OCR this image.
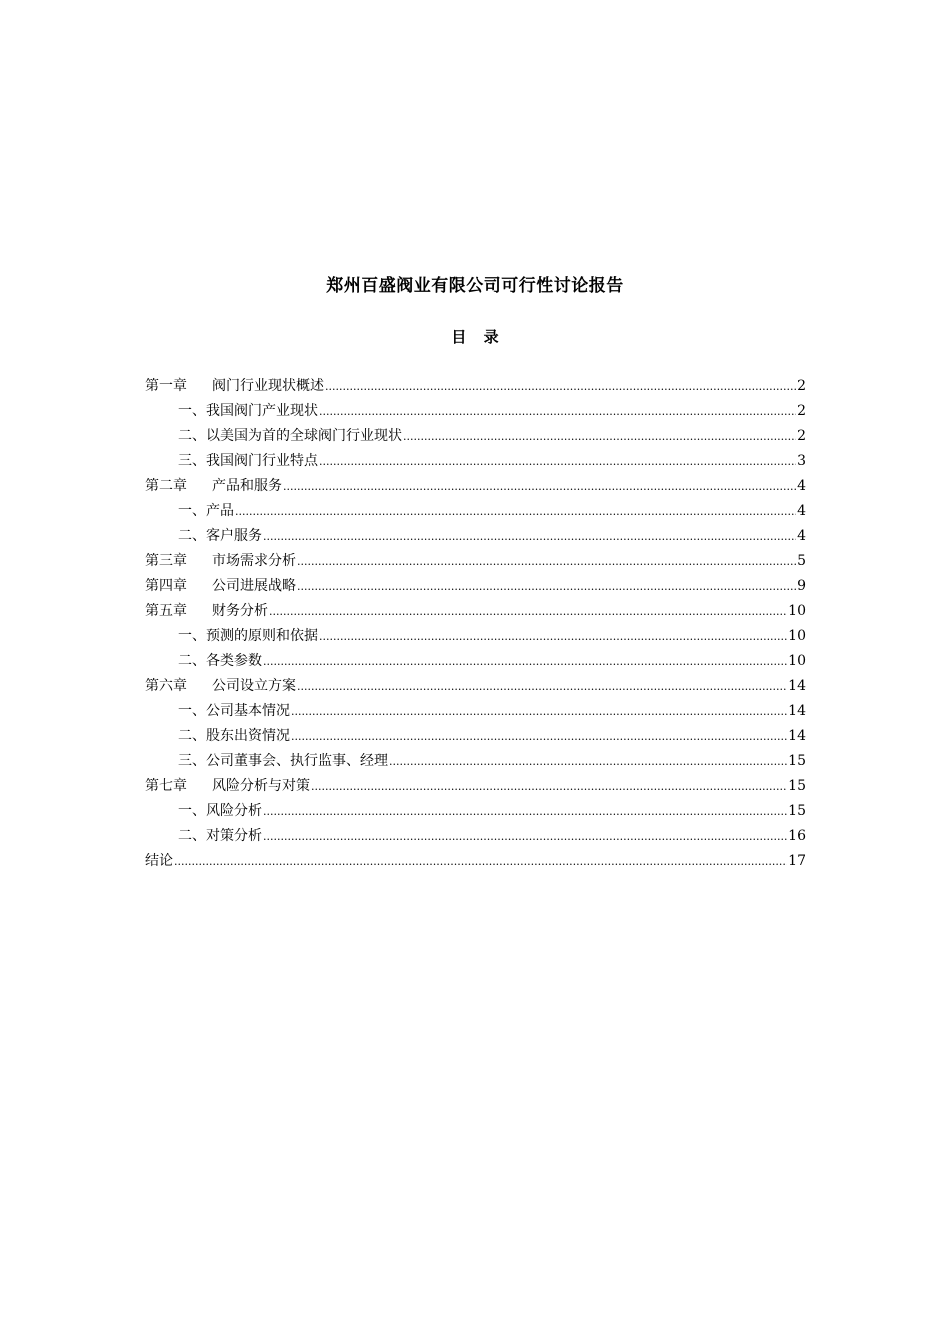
郑州百盛阀业有限公司可行性讨论报告
目 录
第一章 阀门行业现状概述 .....	2
一、我国阀门产业现状 .....	2
二、以美国为首的全球阀门行业现状 .....	2
三、我国阀门行业特点 .....	3
第二章 产品和服务 .....	4
一、产品 .....	4
二、客户服务 .....	4
第三章 市场需求分析 .....	5
第四章 公司进展战略 .....	9
第五章 财务分析 .....	10
一、预测的原则和依据 .....	10
二、各类参数 .....	10
第六章 公司设立方案 .....	14
一、公司基本情况 .....	14
二、股东出资情况 .....	14
三、公司董事会、执行监事、经理 .....	15
第七章 风险分析与对策 .....	15
一、风险分析 .....	15
二、对策分析 .....	16
结论 .....	17
